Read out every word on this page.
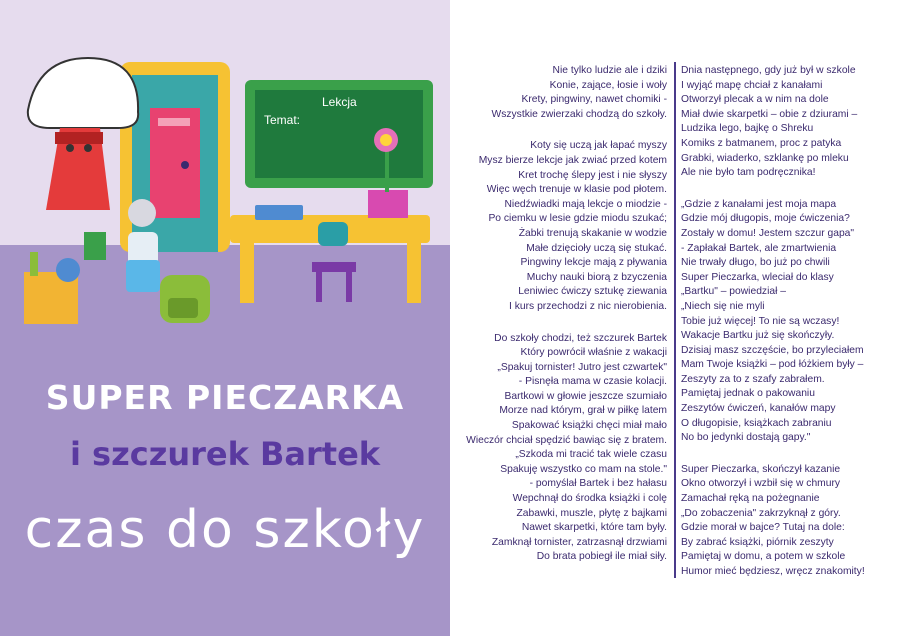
Lekcja
Temat:
SUPER PIECZARKA
i szczurek Bartek
czas do szkoły
Nie tylko ludzie ale i dziki
Konie, zające, łosie i woły
Krety, pingwiny, nawet chomiki -
Wszystkie zwierzaki chodzą do szkoły.
Koty się uczą jak łapać myszy
Mysz bierze lekcje jak zwiać przed kotem
Kret trochę ślepy jest i nie słyszy
Więc węch trenuje w klasie pod płotem.
Niedźwiadki mają lekcje o miodzie -
Po ciemku w lesie gdzie miodu szukać;
Żabki trenują skakanie w wodzie
Małe dzięcioły uczą się stukać.
Pingwiny lekcje mają z pływania
Muchy nauki biorą z bzyczenia
Leniwiec ćwiczy sztukę ziewania
I kurs przechodzi z nic nierobienia.
Do szkoły chodzi, też szczurek Bartek
Który powrócił właśnie z wakacji
„Spakuj tornister! Jutro jest czwartek"
- Pisnęła mama w czasie kolacji.
Bartkowi w głowie jeszcze szumiało
Morze nad którym, grał w piłkę latem
Spakować książki chęci miał mało
Wieczór chciał spędzić bawiąc się z bratem.
„Szkoda mi tracić tak wiele czasu
Spakuję wszystko co mam na stole."
- pomyślał Bartek i bez hałasu
Wepchnął do środka książki i colę
Zabawki, muszle, płytę z bajkami
Nawet skarpetki, które tam były.
Zamknął tornister, zatrzasnął drzwiami
Do brata pobiegł ile miał siły.
Dnia następnego, gdy już był w szkole
I wyjąć mapę chciał z kanałami
Otworzył plecak a w nim na dole
Miał dwie skarpetki – obie z dziurami –
Ludzika lego, bajkę o Shreku
Komiks z batmanem, proc z patyka
Grabki, wiaderko, szklankę po mleku
Ale nie było tam podręcznika!
„Gdzie z kanałami jest moja mapa
Gdzie mój długopis, moje ćwiczenia?
Zostały w domu! Jestem szczur gapa"
- Zapłakał Bartek, ale zmartwienia
Nie trwały długo, bo już po chwili
Super Pieczarka, wleciał do klasy
„Bartku" – powiedział –
„Niech się nie myli
Tobie już więcej! To nie są wczasy!
Wakacje Bartku już się skończyły.
Dzisiaj masz szczęście, bo przyleciałem
Mam Twoje książki – pod łóżkiem były –
Zeszyty za to z szafy zabrałem.
Pamiętaj jednak o pakowaniu
Zeszytów ćwiczeń, kanałów mapy
O długopisie, książkach zabraniu
No bo jedynki dostają gapy."
Super Pieczarka, skończył kazanie
Okno otworzył i wzbił się w chmury
Zamachał ręką na pożegnanie
„Do zobaczenia" zakrzyknął z góry.
Gdzie morał w bajce? Tutaj na dole:
By zabrać książki, piórnik zeszyty
Pamiętaj w domu, a potem w szkole
Humor mieć będziesz, wręcz znakomity!
